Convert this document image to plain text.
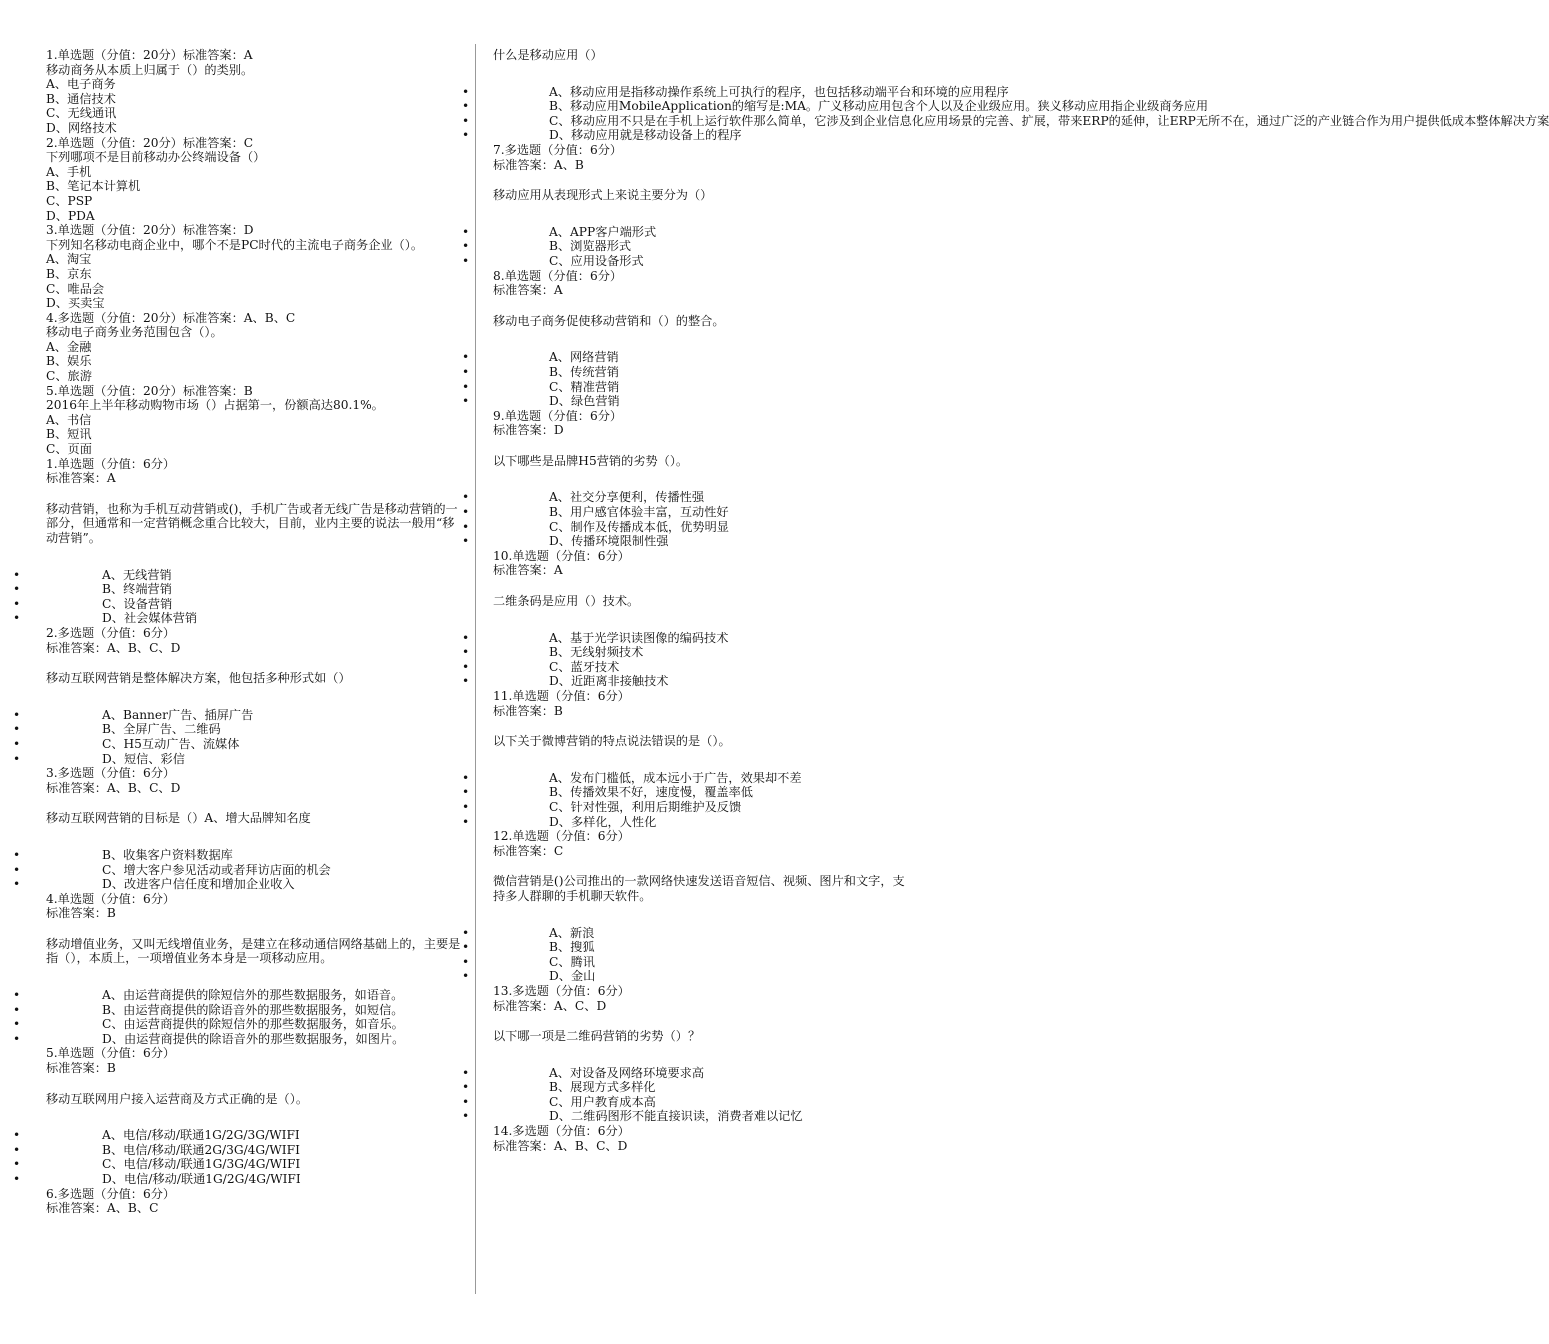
1.单选题（分值：20分）标准答案：A
移动商务从本质上归属于（）的类别。
A、电子商务
B、通信技术
C、无线通讯
D、网络技术
2.单选题（分值：20分）标准答案：C
下列哪项不是目前移动办公终端设备（）
A、手机
B、笔记本计算机
C、PSP
D、PDA
3.单选题（分值：20分）标准答案：D
下列知名移动电商企业中，哪个不是PC时代的主流电子商务企业（）。
A、淘宝
B、京东
C、唯品会
D、买卖宝
4.多选题（分值：20分）标准答案：A、B、C
移动电子商务业务范围包含（）。
A、金融
B、娱乐
C、旅游
5.单选题（分值：20分）标准答案：B
2016年上半年移动购物市场（）占据第一，份额高达80.1%。
A、书信
B、短讯
C、页面
1.单选题（分值：6分）
标准答案：A
移动营销，也称为手机互动营销或()，手机广告或者无线广告是移动营销的一部分，但通常和一定营销概念重合比较大，目前，业内主要的说法一般用“移动营销”。
•	A、无线营销
•	B、终端营销
•	C、设备营销
•	D、社会媒体营销
2.多选题（分值：6分）
标准答案：A、B、C、D
移动互联网营销是整体解决方案，他包括多种形式如（）
•	A、Banner广告、插屏广告
•	B、全屏广告、二维码
•	C、H5互动广告、流媒体
•	D、短信、彩信
3.多选题（分值：6分）
标准答案：A、B、C、D
移动互联网营销的目标是（）A、增大品牌知名度
•	B、收集客户资料数据库
•	C、增大客户参见活动或者拜访店面的机会
•	D、改进客户信任度和增加企业收入
4.单选题（分值：6分）
标准答案：B
移动增值业务，又叫无线增值业务，是建立在移动通信网络基础上的，主要是指（），本质上，一项增值业务本身是一项移动应用。
•	A、由运营商提供的除短信外的那些数据服务，如语音。
•	B、由运营商提供的除语音外的那些数据服务，如短信。
•	C、由运营商提供的除短信外的那些数据服务，如音乐。
•	D、由运营商提供的除语音外的那些数据服务，如图片。
5.单选题（分值：6分）
标准答案：B
移动互联网用户接入运营商及方式正确的是（）。
•	A、电信/移动/联通1G/2G/3G/WIFI
•	B、电信/移动/联通2G/3G/4G/WIFI
•	C、电信/移动/联通1G/3G/4G/WIFI
•	D、电信/移动/联通1G/2G/4G/WIFI
6.多选题（分值：6分）
标准答案：A、B、C
什么是移动应用（）
•	A、移动应用是指移动操作系统上可执行的程序，也包括移动端平台和环境的应用程序
•	B、移动应用MobileApplication的缩写是:MA。广义移动应用包含个人以及企业级应用。狭义移动应用指企业级商务应用
•	C、移动应用不只是在手机上运行软件那么简单，它涉及到企业信息化应用场景的完善、扩展，带来ERP的延伸，让ERP无所不在，通过广泛的产业链合作为用户提供低成本整体解决方案
•	D、移动应用就是移动设备上的程序
7.多选题（分值：6分）
标准答案：A、B
移动应用从表现形式上来说主要分为（）
•	A、APP客户端形式
•	B、浏览器形式
•	C、应用设备形式
8.单选题（分值：6分）
标准答案：A
移动电子商务促使移动营销和（）的整合。
•	A、网络营销
•	B、传统营销
•	C、精准营销
•	D、绿色营销
9.单选题（分值：6分）
标准答案：D
以下哪些是品牌H5营销的劣势（）。
•	A、社交分享便利，传播性强
•	B、用户感官体验丰富，互动性好
•	C、制作及传播成本低，优势明显
•	D、传播环境限制性强
10.单选题（分值：6分）
标准答案：A
二维条码是应用（）技术。
•	A、基于光学识读图像的编码技术
•	B、无线射频技术
•	C、蓝牙技术
•	D、近距离非接触技术
11.单选题（分值：6分）
标准答案：B
以下关于微博营销的特点说法错误的是（）。
•	A、发布门槛低，成本远小于广告，效果却不差
•	B、传播效果不好，速度慢，覆盖率低
•	C、针对性强，利用后期维护及反馈
•	D、多样化，人性化
12.单选题（分值：6分）
标准答案：C
微信营销是()公司推出的一款网络快速发送语音短信、视频、图片和文字，支持多人群聊的手机聊天软件。
•	A、新浪
•	B、搜狐
•	C、腾讯
•	D、金山
13.多选题（分值：6分）
标准答案：A、C、D
以下哪一项是二维码营销的劣势（）？
•	A、对设备及网络环境要求高
•	B、展现方式多样化
•	C、用户教育成本高
•	D、二维码图形不能直接识读，消费者难以记忆
14.多选题（分值：6分）
标准答案：A、B、C、D
